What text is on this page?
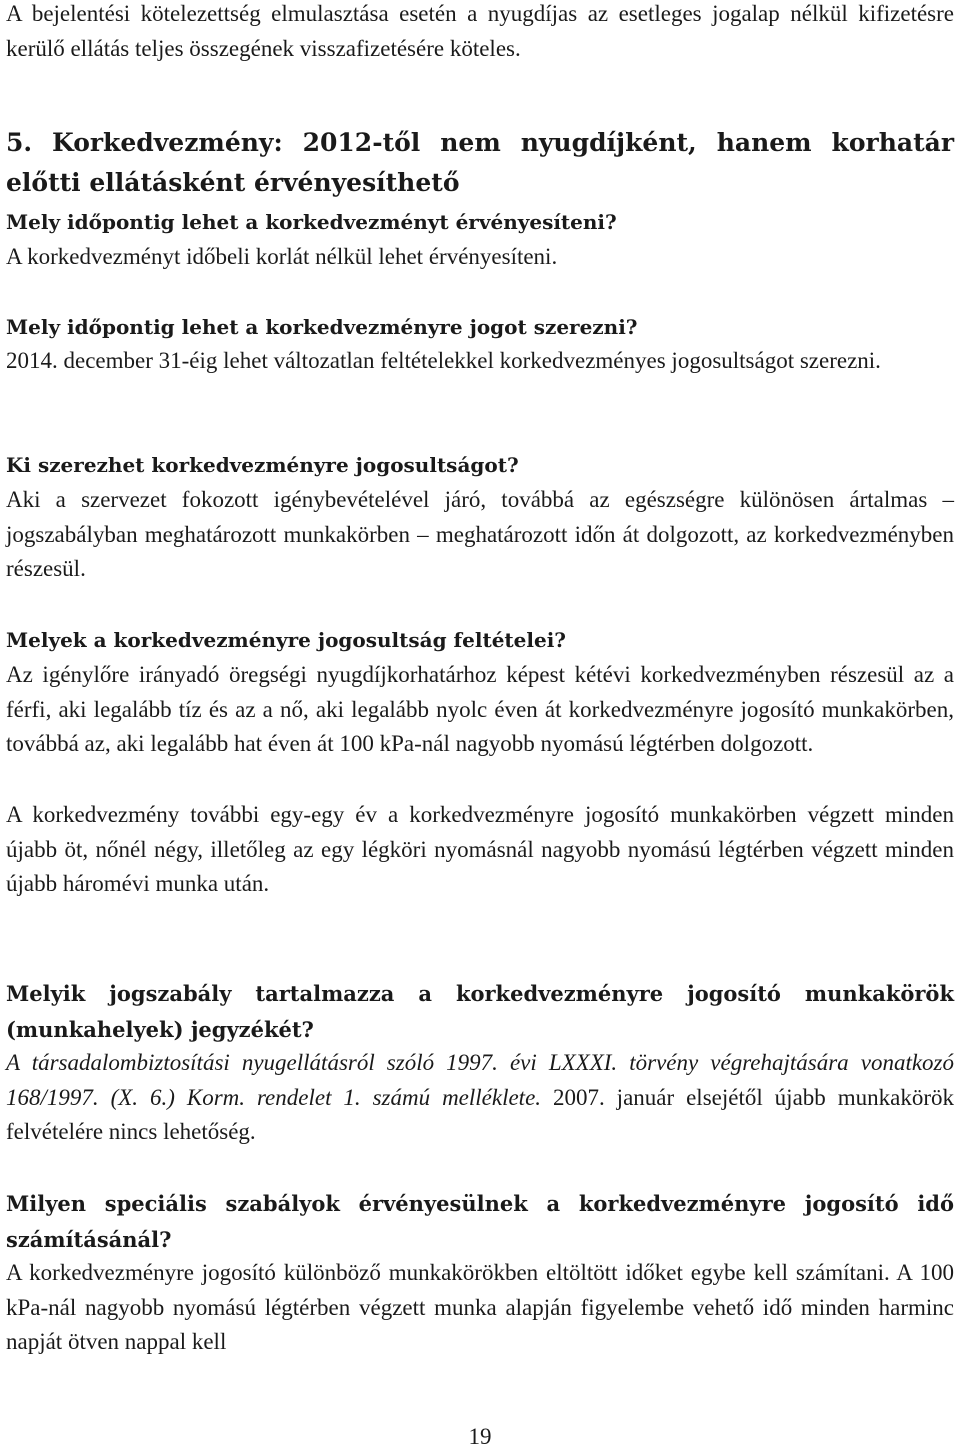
A bejelentési kötelezettség elmulasztása esetén a nyugdíjas az esetleges jogalap nélkül kifizetésre kerülő ellátás teljes összegének visszafizetésére köteles.

5. Korkedvezmény: 2012-től nem nyugdíjként, hanem korhatár előtti ellátásként érvényesíthető

Mely időpontig lehet a korkedvezményt érvényesíteni?

A korkedvezményt időbeli korlát nélkül lehet érvényesíteni.

Mely időpontig lehet a korkedvezményre jogot szerezni?

2014. december 31-éig lehet változatlan feltételekkel korkedvezményes jogosultságot szerezni.

Ki szerezhet korkedvezményre jogosultságot?

Aki a szervezet fokozott igénybevételével járó, továbbá az egészségre különösen ártalmas – jogszabályban meghatározott munkakörben – meghatározott időn át dolgozott, az korkedvezményben részesül.

Melyek a korkedvezményre jogosultság feltételei?

Az igénylőre irányadó öregségi nyugdíjkorhatárhoz képest kétévi korkedvezményben részesül az a férfi, aki legalább tíz és az a nő, aki legalább nyolc éven át korkedvezményre jogosító munkakörben, továbbá az, aki legalább hat éven át 100 kPa-nál nagyobb nyomású légtérben dolgozott.

A korkedvezmény további egy-egy év a korkedvezményre jogosító munkakörben végzett minden újabb öt, nőnél négy, illetőleg az egy légköri nyomásnál nagyobb nyomású légtérben végzett minden újabb háromévi munka után.

Melyik jogszabály tartalmazza a korkedvezményre jogosító munkakörök (munkahelyek) jegyzékét?

A társadalombiztosítási nyugellátásról szóló 1997. évi LXXXI. törvény végrehajtására vonatkozó 168/1997. (X. 6.) Korm. rendelet 1. számú melléklete. 2007. január elsejétől újabb munkakörök felvételére nincs lehetőség.

Milyen speciális szabályok érvényesülnek a korkedvezményre jogosító idő számításánál?

A korkedvezményre jogosító különböző munkakörökben eltöltött időket egybe kell számítani. A 100 kPa-nál nagyobb nyomású légtérben végzett munka alapján figyelembe vehető idő minden harminc napját ötven nappal kell

19
